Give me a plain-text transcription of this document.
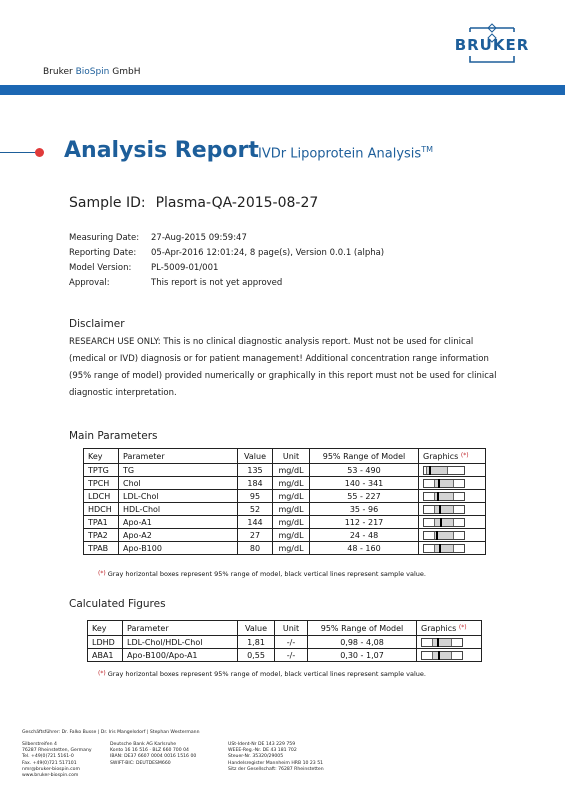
BRUKER
Bruker BioSpin GmbH
Analysis Report IVDr Lipoprotein Analysis™
Sample ID: Plasma-QA-2015-08-27
Measuring Date: 27-Aug-2015 09:59:47
Reporting Date: 05-Apr-2016 12:01:24, 8 page(s), Version 0.0.1 (alpha)
Model Version: PL-5009-01/001
Approval:	This report is not yet approved
Disclaimer
RESEARCH USE ONLY: This is no clinical diagnostic analysis report. Must not be used for clinical
(medical or IVD) diagnosis or for patient management! Additional concentration range information
(95% range of model) provided numerically or graphically in this report must not be used for clinical
diagnostic interpretation.
Main Parameters
Key	Parameter	Value	Unit	95% Range of Model	Graphics (*)
TPTG	TG	135	mg/dL	53 - 490	

TPCH	Chol	184	mg/dL	140 - 341	

LDCH	LDL-Chol	95	mg/dL	55 - 227	

HDCH	HDL-Chol	52	mg/dL	35 - 96	

TPA1	Apo-A1	144	mg/dL	112 - 217	

TPA2	Apo-A2	27	mg/dL	24 - 48	

TPAB	Apo-B100	80	mg/dL	48 - 160	
(*) Gray horizontal boxes represent 95% range of model, black vertical lines represent sample value.
Calculated Figures
Key	Parameter	Value	Unit	95% Range of Model	Graphics (*)
LDHD	LDL-Chol/HDL-Chol	1,81	-/-	0,98 - 4,08	

ABA1	Apo-B100/Apo-A1	0,55	-/-	0,30 - 1,07	
(*) Gray horizontal boxes represent 95% range of model, black vertical lines represent sample value.
Geschäftsführer: Dr. Falko Busse | Dr. Iris Mangelsdorf | Stephan Westermann
Silberstreifen 4
76287 Rheinstetten, Germany
Tel. +49(0)721 5161-0
Fax. +49(0)721 517101
nmr@bruker-biospin.com
www.bruker-biospin.com
Deutsche Bank AG Karlsruhe
Konto 16 16 516 · BLZ 660 700 04
IBAN: DE37 6607 0004 0016 1516 00
SWIFT-BIC: DEUTDESM660
USt-Ident-Nr DE 143 229 759
WEEE-Reg.-Nr. DE 43 181 702
Steuer-Nr. 35320/29005
Handelsregister Mannheim HRB 10 23 51
Sitz der Gesellschaft: 76287 Rheinstetten
